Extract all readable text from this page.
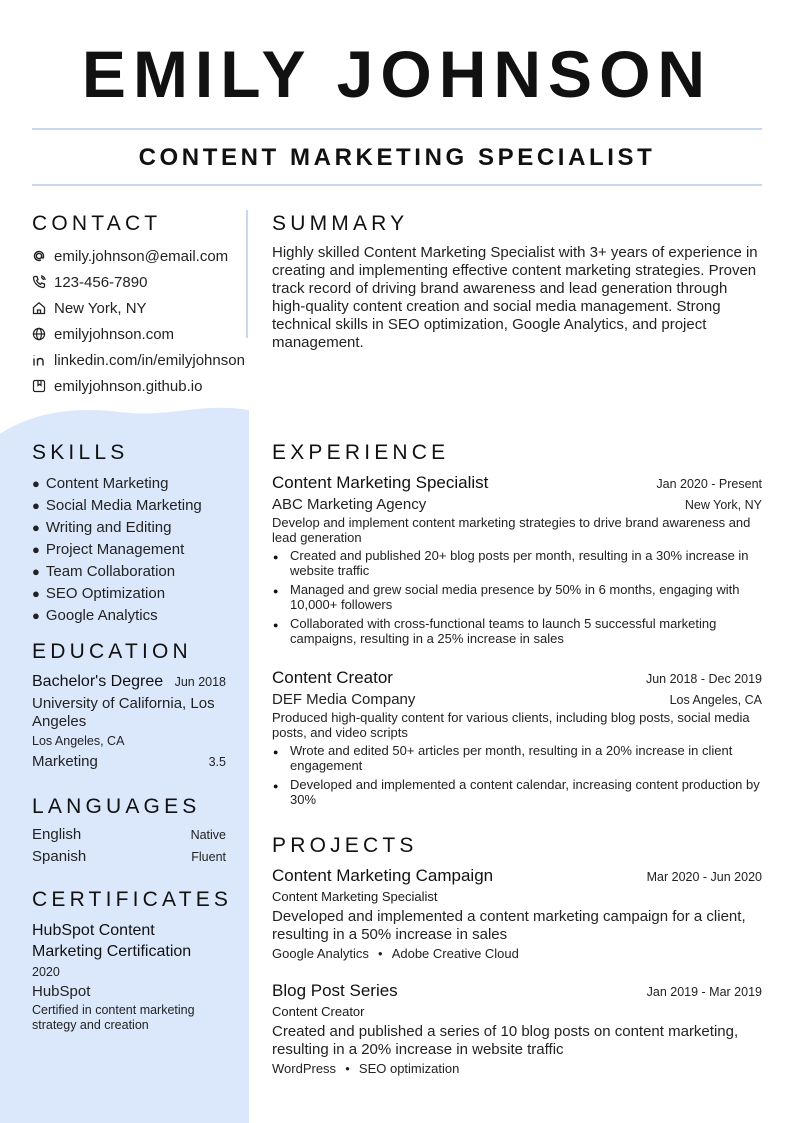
EMILY JOHNSON
CONTENT MARKETING SPECIALIST
CONTACT
emily.johnson@email.com
123-456-7890
New York, NY
emilyjohnson.com
linkedin.com/in/emilyjohnson
emilyjohnson.github.io
SUMMARY

Highly skilled Content Marketing Specialist with 3+ years of experience in creating and implementing effective content marketing strategies. Proven track record of driving brand awareness and lead generation through high-quality content creation and social media management. Strong technical skills in SEO optimization, Google Analytics, and project management.

SKILLS
● Content Marketing
● Social Media Marketing
● Writing and Editing
● Project Management
● Team Collaboration
● SEO Optimization
● Google Analytics
EDUCATION
Bachelor's Degree Jun 2018
University of California, Los Angeles
Los Angeles, CA
Marketing	3.5
LANGUAGES
English	Native
Spanish	Fluent
CERTIFICATES
HubSpot Content Marketing Certification
2020
HubSpot
Certified in content marketing strategy and creation
EXPERIENCE
Content Marketing Specialist	Jan 2020 - Present
ABC Marketing Agency	New York, NY
Develop and implement content marketing strategies to drive brand awareness and lead generation
● Created and published 20+ blog posts per month, resulting in a 30% increase in website traffic
● Managed and grew social media presence by 50% in 6 months, engaging with 10,000+ followers
● Collaborated with cross-functional teams to launch 5 successful marketing campaigns, resulting in a 25% increase in sales
Content Creator	Jun 2018 - Dec 2019
DEF Media Company	Los Angeles, CA
Produced high-quality content for various clients, including blog posts, social media posts, and video scripts
● Wrote and edited 50+ articles per month, resulting in a 20% increase in client engagement
● Developed and implemented a content calendar, increasing content production by 30%
PROJECTS
Content Marketing Campaign	Mar 2020 - Jun 2020
Content Marketing Specialist
Developed and implemented a content marketing campaign for a client, resulting in a 50% increase in sales
Google Analytics ● Adobe Creative Cloud
Blog Post Series	Jan 2019 - Mar 2019
Content Creator
Created and published a series of 10 blog posts on content marketing, resulting in a 20% increase in website traffic
WordPress ● SEO optimization
